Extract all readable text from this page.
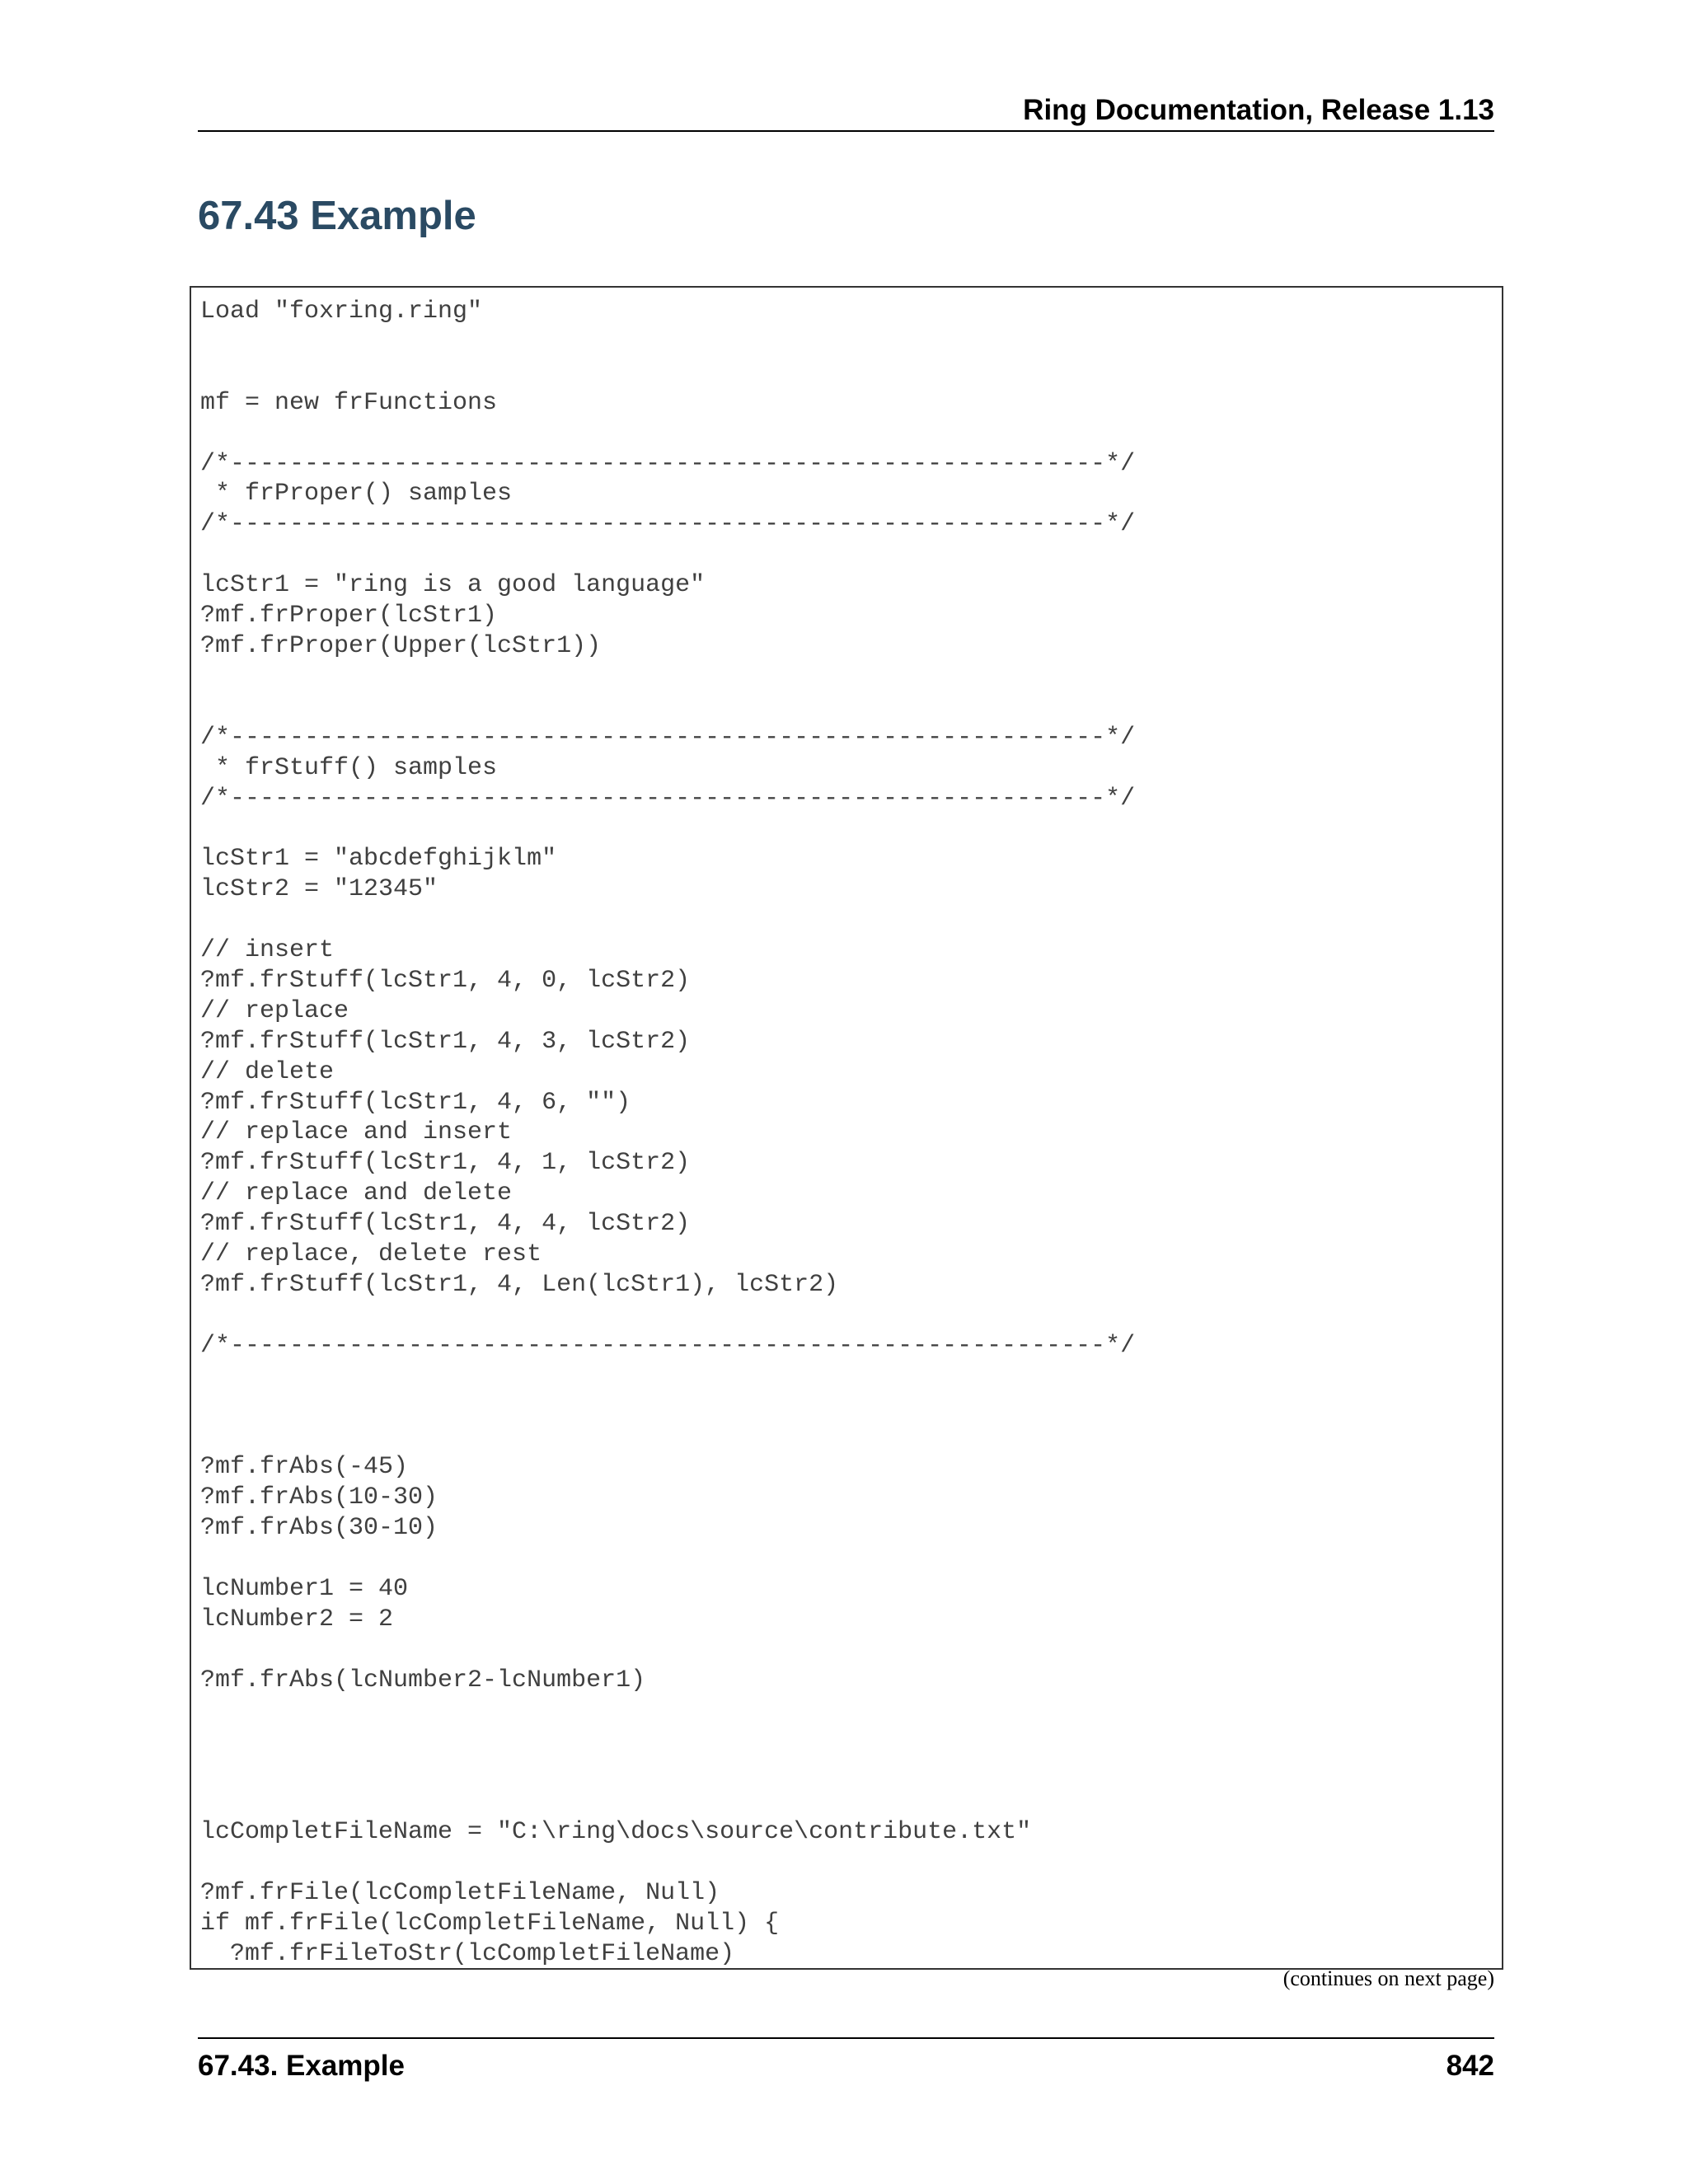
Ring Documentation, Release 1.13
67.43 Example
Load "foxring.ring"

mf = new frFunctions

/*-----------------------------------------------------------*/
* frProper() samples
/*-----------------------------------------------------------*/

lcStr1 = "ring is a good language"
?mf.frProper(lcStr1)
?mf.frProper(Upper(lcStr1))

/*-----------------------------------------------------------*/
* frStuff() samples
/*-----------------------------------------------------------*/

lcStr1 = "abcdefghijklm"
lcStr2 = "12345"

// insert
?mf.frStuff(lcStr1, 4, 0, lcStr2)
// replace
?mf.frStuff(lcStr1, 4, 3, lcStr2)
// delete
?mf.frStuff(lcStr1, 4, 6, "")
// replace and insert
?mf.frStuff(lcStr1, 4, 1, lcStr2)
// replace and delete
?mf.frStuff(lcStr1, 4, 4, lcStr2)
// replace, delete rest
?mf.frStuff(lcStr1, 4, Len(lcStr1), lcStr2)

/*-----------------------------------------------------------*/

?mf.frAbs(-45)
?mf.frAbs(10-30)
?mf.frAbs(30-10)

lcNumber1 = 40
lcNumber2 = 2

?mf.frAbs(lcNumber2-lcNumber1)

lcCompletFileName = "C:\ring\docs\source\contribute.txt"

?mf.frFile(lcCompletFileName, Null)
if mf.frFile(lcCompletFileName, Null) {
?mf.frFileToStr(lcCompletFileName)
(continues on next page)
67.43. Example	842
